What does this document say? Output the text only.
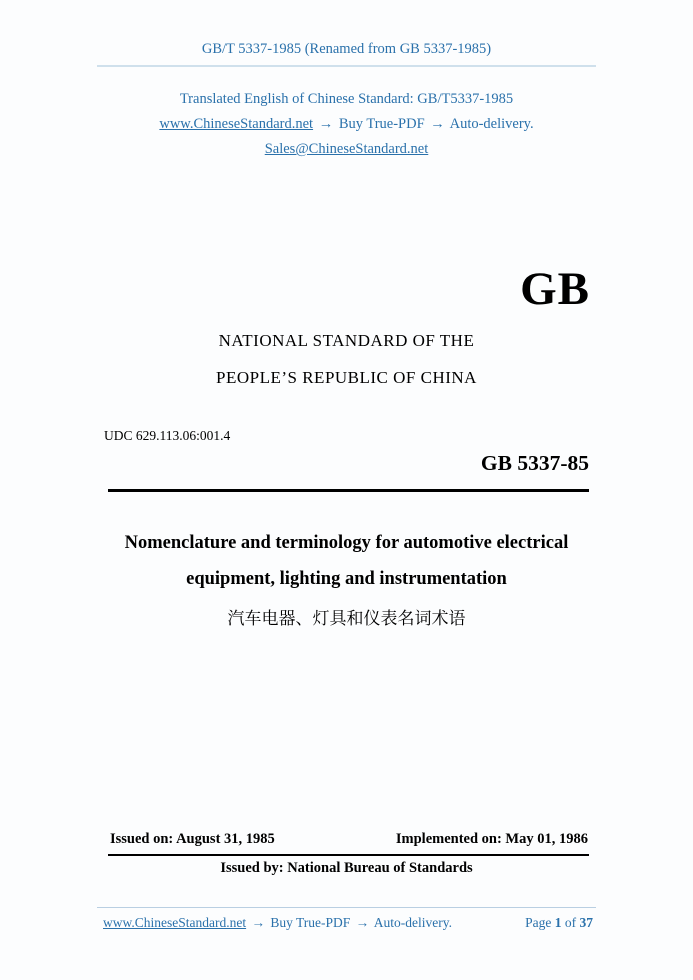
GB/T 5337-1985 (Renamed from GB 5337-1985)
Translated English of Chinese Standard: GB/T5337-1985
www.ChineseStandard.net → Buy True-PDF → Auto-delivery.
Sales@ChineseStandard.net
GB
NATIONAL STANDARD OF THE
PEOPLE’S REPUBLIC OF CHINA
UDC 629.113.06:001.4
GB 5337-85
Nomenclature and terminology for automotive electrical
equipment, lighting and instrumentation
汽车电器、灯具和仪表名词术语
Issued on: August 31, 1985	Implemented on: May 01, 1986
Issued by: National Bureau of Standards
www.ChineseStandard.net → Buy True-PDF → Auto-delivery.	Page 1 of 37
